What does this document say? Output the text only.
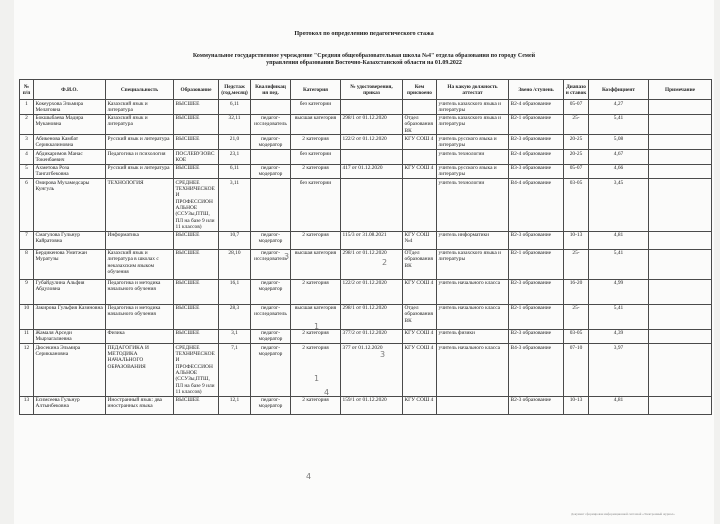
Протокол по определению педагогического стажа
Коммунальное государственное учреждение "Средняя общеобразовательная школа №4" отдела образования по городу Семей
управления образования Восточно-Казахстанской области на 01.09.2022
№ п/п	Ф.И.О.	Специальность	Образование	Педстаж (год,месяц)	Квалификац ия пед.	Категория	№ удостоверения, приказ	Кем присвоено	На какую должность аттестат	Звено /ступень	Диапазо н ставок	Коэффициент	Примечание
1	Кокеурхова Эльмира Мелатовна	Казахский язык и литература	ВЫСШЕЕ	6,11		без категории			учитель казахского языка и литературы	В2-4 образование	05-07	4,27	
2	Бокшыбаева Мадира Мукановна	Казахский язык и литература	ВЫСШЕЕ	32,11	педагог-исследователь	высшая категория	298/1 от 01.12.2020	Отдел образования ВК	учитель казахского языка и литературы	В2-1 образование	25-	5,41	
3	Абикенова Камбат Серикказиновна	Русский язык и литература	ВЫСШЕЕ	21,0	педагог-модератор	2 категория	122/2 от 01.12.2020	КГУ СОШ 4	учитель русского языка и литературы	В2-3 образование	20-25	5,08	
4	Абдикаримов Манас Токенбаевич	Педагогика и психология	ПОСЛЕВУЗОВСКОЕ	23,1		без категории			учитель технологии	В2-4 образование	20-25	4,67	
5	Ахметова Роза Тангатбековна	Русский язык и литература	ВЫСШЕЕ	6,11	педагог-модератор	2 категория	417 от 01.12.2020	КГУ СОШ 4	учитель русского языка и литературы	В3-3 образование	05-07	4,66	
6	Омирова Мухамедсары Кунгуль	ТЕХНОЛОГИЯ	СРЕДНЕЕ ТЕХНИЧЕСКОЕ И ПРОФЕССИОНАЛЬНОЕ (ССУЗы,ПТШ, ПЛ на базе 9 или 11 классов)	3,11		без категории			учитель технологии	В4-4 образование	03-05	3,45	
7	Смагулова Гульнур Кайратовна	Информатика	ВЫСШЕЕ	10,7	педагог-модератор	2 категория	115/3 от 31.08.2021	КГУ СОШ №4	учитель информатики	В2-3 образование	10-13	4,81	
8	Бердикенова Умитжан Муратузы	Казахский язык и литература в школах с неказахским языком обучения	ВЫСШЕЕ	28,10	педагог-исследователь	высшая категория	298/1 от 01.12.2020	ОТдел образования ВК	учитель казахского языка и литературы	В2-1 образование	25-	5,41	
9	Губайдулина Альфия Абдуловна	Педагогика и методика начального обучения	ВЫСШЕЕ	16,1	педагог-модератор	2 категория	122/2 от 01.12.2020	КГУ СОШ 4	учитель начального класса	В2-3 образование	16-20	4,99	
10	Закирова Гульфия Казиновна	Педагогика и методика начального обучения	ВЫСШЕЕ	28,3	педагог-исследователь	высшая категория	298/1 от 01.12.2020	Отдел образования ВК	учитель начального класса	В2-1 образование	25-	5,41	
11	Жамаля Арседи Мырзагалиевна	Физика	ВЫСШЕЕ	3,1	педагог-модератор	2 категория	377/2 от 01.12.2020	КГУ СОШ 4	учитель физики	В2-3 образование	03-05	4,39	
12	Дюсекина Эльмира Сериккановна	ПЕДАГОГИКА И МЕТОДИКА НАЧАЛЬНОГО ОБРАЗОВАНИЯ	СРЕДНЕЕ ТЕХНИЧЕСКОЕ И ПРОФЕССИОНАЛЬНОЕ (ССУЗы,ПТШ, ПЛ на базе 9 или 11 классов)	7,1	педагог-модератор	2 категория	377 от 01.12.2020	КГУ СОШ 4	учитель начального класса	В4-3 образование	07-10	3,97	
13	Есимсеева Гульнур Алтынбековна	Иностранный язык: два иностранных языка	ВЫСШЕЕ	12,1	педагог-модератор	2 категория	159/1 от 01.12.2020	КГУ СОШ 4		В2-3 образование	10-13	4,81	
2
1
3
1
4
4
3
Документ сформирован информационной системой «Электронный журнал»
